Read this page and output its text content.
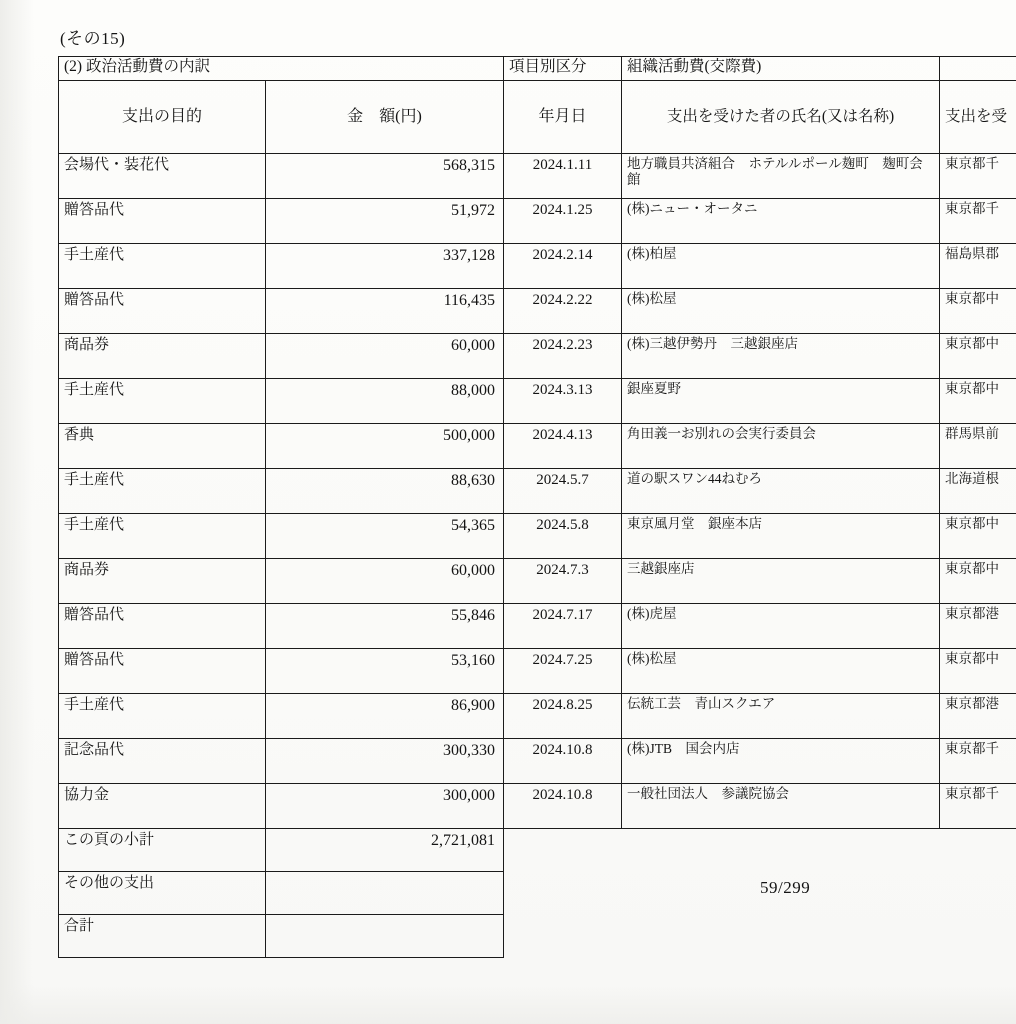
(その15)
(2) 政治活動費の内訳		項目別区分	組織活動費(交際費)	
支出の目的	金　額(円)	年月日	支出を受けた者の氏名(又は名称)	支出を受
会場代・装花代	568,315	2024.1.11	地方職員共済組合　ホテルルポール麹町　麹町会館	東京都千
贈答品代	51,972	2024.1.25	(株)ニュー・オータニ	東京都千
手土産代	337,128	2024.2.14	(株)柏屋	福島県郡
贈答品代	116,435	2024.2.22	(株)松屋	東京都中
商品券	60,000	2024.2.23	(株)三越伊勢丹　三越銀座店	東京都中
手土産代	88,000	2024.3.13	銀座夏野	東京都中
香典	500,000	2024.4.13	角田義一お別れの会実行委員会	群馬県前
手土産代	88,630	2024.5.7	道の駅スワン44ねむろ	北海道根
手土産代	54,365	2024.5.8	東京風月堂　銀座本店	東京都中
商品券	60,000	2024.7.3	三越銀座店	東京都中
贈答品代	55,846	2024.7.17	(株)虎屋	東京都港
贈答品代	53,160	2024.7.25	(株)松屋	東京都中
手土産代	86,900	2024.8.25	伝統工芸　青山スクエア	東京都港
記念品代	300,330	2024.10.8	(株)JTB　国会内店	東京都千
協力金	300,000	2024.10.8	一般社団法人　参議院協会	東京都千
この頁の小計	2,721,081			
その他の支出				
合計				
59/299
